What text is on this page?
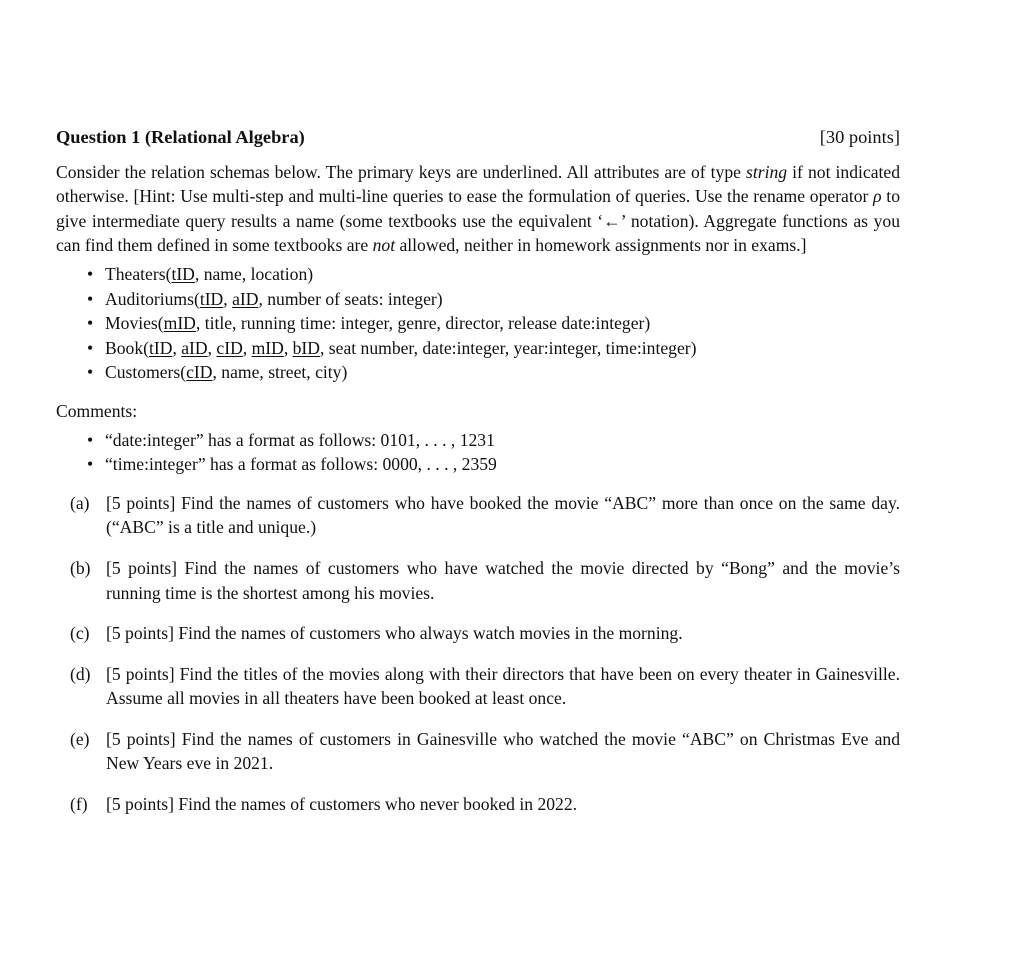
Question 1 (Relational Algebra)	[30 points]

Consider the relation schemas below. The primary keys are underlined. All attributes are of type string if not indicated otherwise. [Hint: Use multi-step and multi-line queries to ease the formulation of queries. Use the rename operator ρ to give intermediate query results a name (some textbooks use the equivalent ‘←’ notation). Aggregate functions as you can find them defined in some textbooks are not allowed, neither in homework assignments nor in exams.]

• Theaters(tID, name, location)
• Auditoriums(tID, aID, number of seats: integer)
• Movies(mID, title, running time: integer, genre, director, release date:integer)
• Book(tID, aID, cID, mID, bID, seat number, date:integer, year:integer, time:integer)
• Customers(cID, name, street, city)
Comments:
• “date:integer” has a format as follows: 0101, . . . , 1231
• “time:integer” has a format as follows: 0000, . . . , 2359
(a) [5 points] Find the names of customers who have booked the movie “ABC” more than once on the same day. (“ABC” is a title and unique.)
(b) [5 points] Find the names of customers who have watched the movie directed by “Bong” and the movie’s running time is the shortest among his movies.
(c) [5 points] Find the names of customers who always watch movies in the morning.
(d) [5 points] Find the titles of the movies along with their directors that have been on every theater in Gainesville. Assume all movies in all theaters have been booked at least once.
(e) [5 points] Find the names of customers in Gainesville who watched the movie “ABC” on Christmas Eve and New Years eve in 2021.
(f)	[5 points] Find the names of customers who never booked in 2022.
